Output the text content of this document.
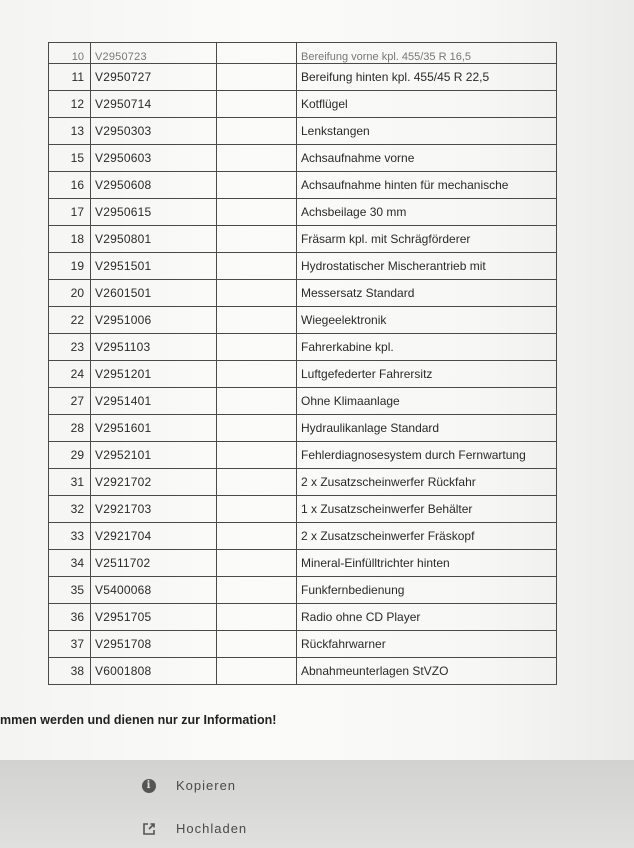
10	V2950723		Bereifung vorne kpl. 455/35 R 16,5
11	V2950727		Bereifung hinten kpl. 455/45 R 22,5
12	V2950714		Kotflügel
13	V2950303		Lenkstangen
15	V2950603		Achsaufnahme vorne
16	V2950608		Achsaufnahme hinten für mechanische
17	V2950615		Achsbeilage 30 mm
18	V2950801		Fräsarm kpl. mit Schrägförderer
19	V2951501		Hydrostatischer Mischerantrieb mit
20	V2601501		Messersatz Standard
22	V2951006		Wiegeelektronik
23	V2951103		Fahrerkabine kpl.
24	V2951201		Luftgefederter Fahrersitz
27	V2951401		Ohne Klimaanlage
28	V2951601		Hydraulikanlage Standard
29	V2952101		Fehlerdiagnosesystem durch Fernwartung
31	V2921702		2 x Zusatzscheinwerfer Rückfahr
32	V2921703		1 x Zusatzscheinwerfer Behälter
33	V2921704		2 x Zusatzscheinwerfer Fräskopf
34	V2511702		Mineral-Einfülltrichter hinten
35	V5400068		Funkfernbedienung
36	V2951705		Radio ohne CD Player
37	V2951708		Rückfahrwarner
38	V6001808		Abnahmeunterlagen StVZO
mmen werden und dienen nur zur Information!
i	Kopieren
Hochladen
